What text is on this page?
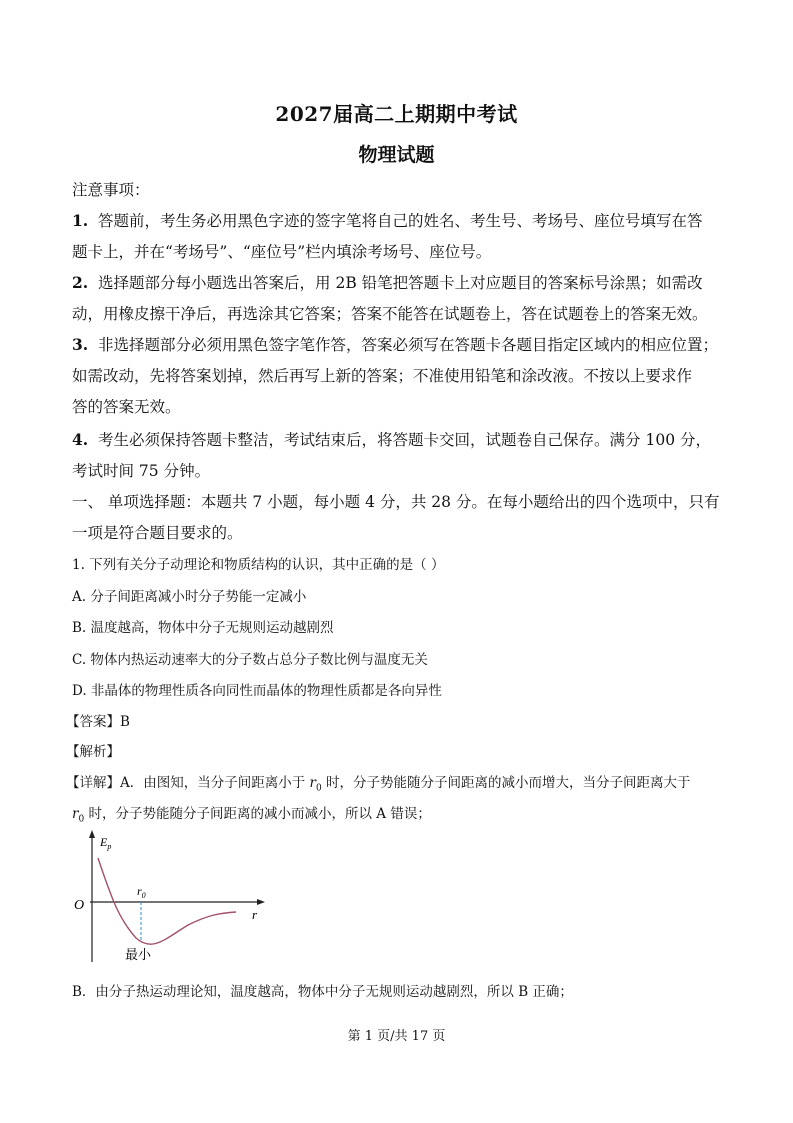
2027届高二上期期中考试
物理试题
注意事项：
1. 答题前，考生务必用黑色字迹的签字笔将自己的姓名、考生号、考场号、座位号填写在答
题卡上，并在“考场号”、“座位号”栏内填涂考场号、座位号。
2. 选择题部分每小题选出答案后，用 2B 铅笔把答题卡上对应题目的答案标号涂黑；如需改
动，用橡皮擦干净后，再选涂其它答案；答案不能答在试题卷上，答在试题卷上的答案无效。
3. 非选择题部分必须用黑色签字笔作答，答案必须写在答题卡各题目指定区域内的相应位置；
如需改动，先将答案划掉，然后再写上新的答案；不准使用铅笔和涂改液。不按以上要求作
答的答案无效。
4. 考生必须保持答题卡整洁，考试结束后，将答题卡交回，试题卷自己保存。满分 100 分，
考试时间 75 分钟。
一、 单项选择题：本题共 7 小题，每小题 4 分，共 28 分。在每小题给出的四个选项中，只有
一项是符合题目要求的。
1. 下列有关分子动理论和物质结构的认识，其中正确的是（ ）
A. 分子间距离减小时分子势能一定减小
B. 温度越高，物体中分子无规则运动越剧烈
C. 物体内热运动速率大的分子数占总分子数比例与温度无关
D. 非晶体的物理性质各向同性而晶体的物理性质都是各向异性
【答案】B
【解析】
【详解】A．由图知，当分子间距离小于 $r_0$ 时，分子势能随分子间距离的减小而增大，当分子间距离大于
$r_0$ 时，分子势能随分子间距离的减小而减小，所以 A 错误；
$E_p$
O
r
$r_0$
最小
B．由分子热运动理论知，温度越高，物体中分子无规则运动越剧烈，所以 B 正确；
第 1 页/共 17 页
